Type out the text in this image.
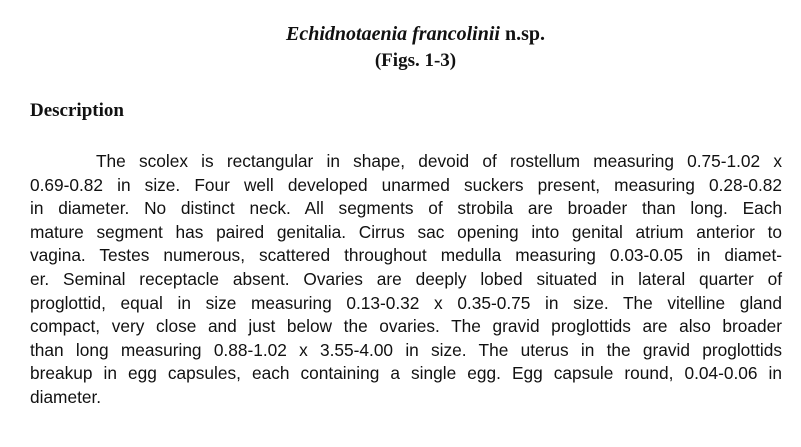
Echidnotaenia francolinii n.sp.
(Figs. 1-3)
Description
The scolex is rectangular in shape, devoid of rostellum measuring 0.75-1.02 x
0.69-0.82 in size. Four well developed unarmed suckers present, measuring 0.28-0.82
in diameter. No distinct neck. All segments of strobila are broader than long. Each
mature segment has paired genitalia. Cirrus sac opening into genital atrium anterior to
vagina. Testes numerous, scattered throughout medulla measuring 0.03-0.05 in diamet-
er. Seminal receptacle absent. Ovaries are deeply lobed situated in lateral quarter of
proglottid, equal in size measuring 0.13-0.32 x 0.35-0.75 in size. The vitelline gland
compact, very close and just below the ovaries. The gravid proglottids are also broader
than long measuring 0.88-1.02 x 3.55-4.00 in size. The uterus in the gravid proglottids
breakup in egg capsules, each containing a single egg. Egg capsule round, 0.04-0.06 in
diameter.
